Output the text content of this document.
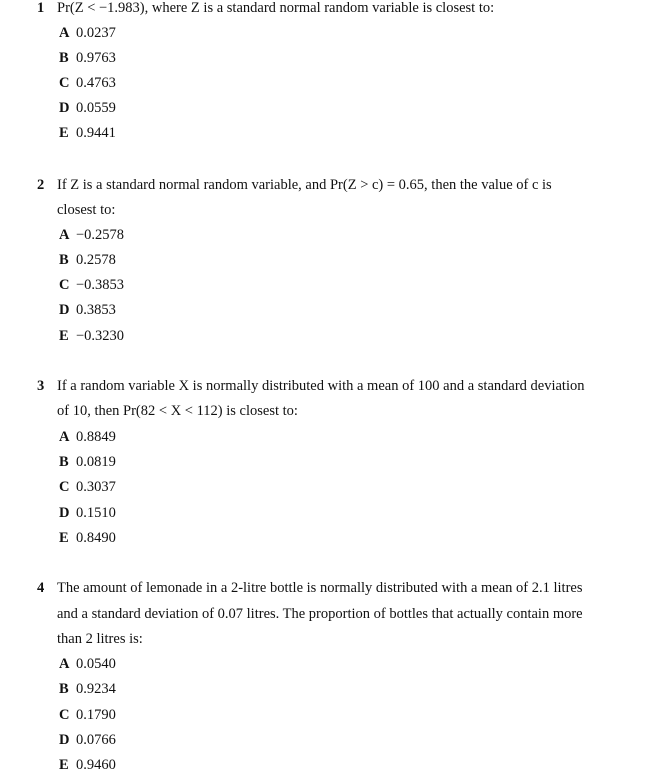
1 Pr(Z < −1.983), where Z is a standard normal random variable is closest to:
A 0.0237
B 0.9763
C 0.4763
D 0.0559
E 0.9441
2 If Z is a standard normal random variable, and Pr(Z > c) = 0.65, then the value of c is
closest to:
A −0.2578
B 0.2578
C −0.3853
D 0.3853
E −0.3230
3 If a random variable X is normally distributed with a mean of 100 and a standard deviation
of 10, then Pr(82 < X < 112) is closest to:
A 0.8849
B 0.0819
C 0.3037
D 0.1510
E 0.8490
4 The amount of lemonade in a 2-litre bottle is normally distributed with a mean of 2.1 litres
and a standard deviation of 0.07 litres. The proportion of bottles that actually contain more
than 2 litres is:
A 0.0540
B 0.9234
C 0.1790
D 0.0766
E 0.9460
